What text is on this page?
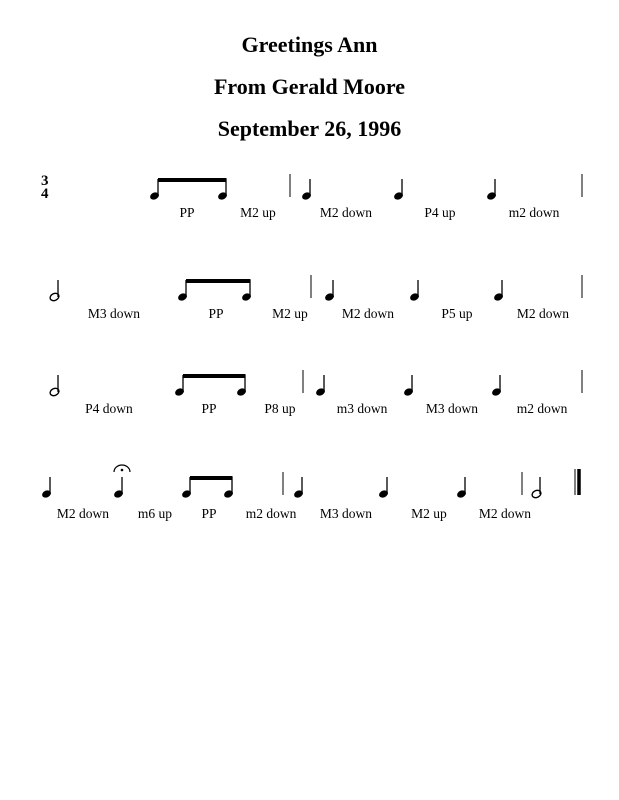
Greetings Ann
From Gerald Moore
September 26, 1996
3
4
PP	M2 up	M2 down	P4 up	m2 down
M3 down	PP	M2 up	M2 down	P5 up	M2 down
P4 down	PP	P8 up	m3 down	M3 down	m2 down
M2 down m6 up PP m2 down M3 down	M2 up M2 down
